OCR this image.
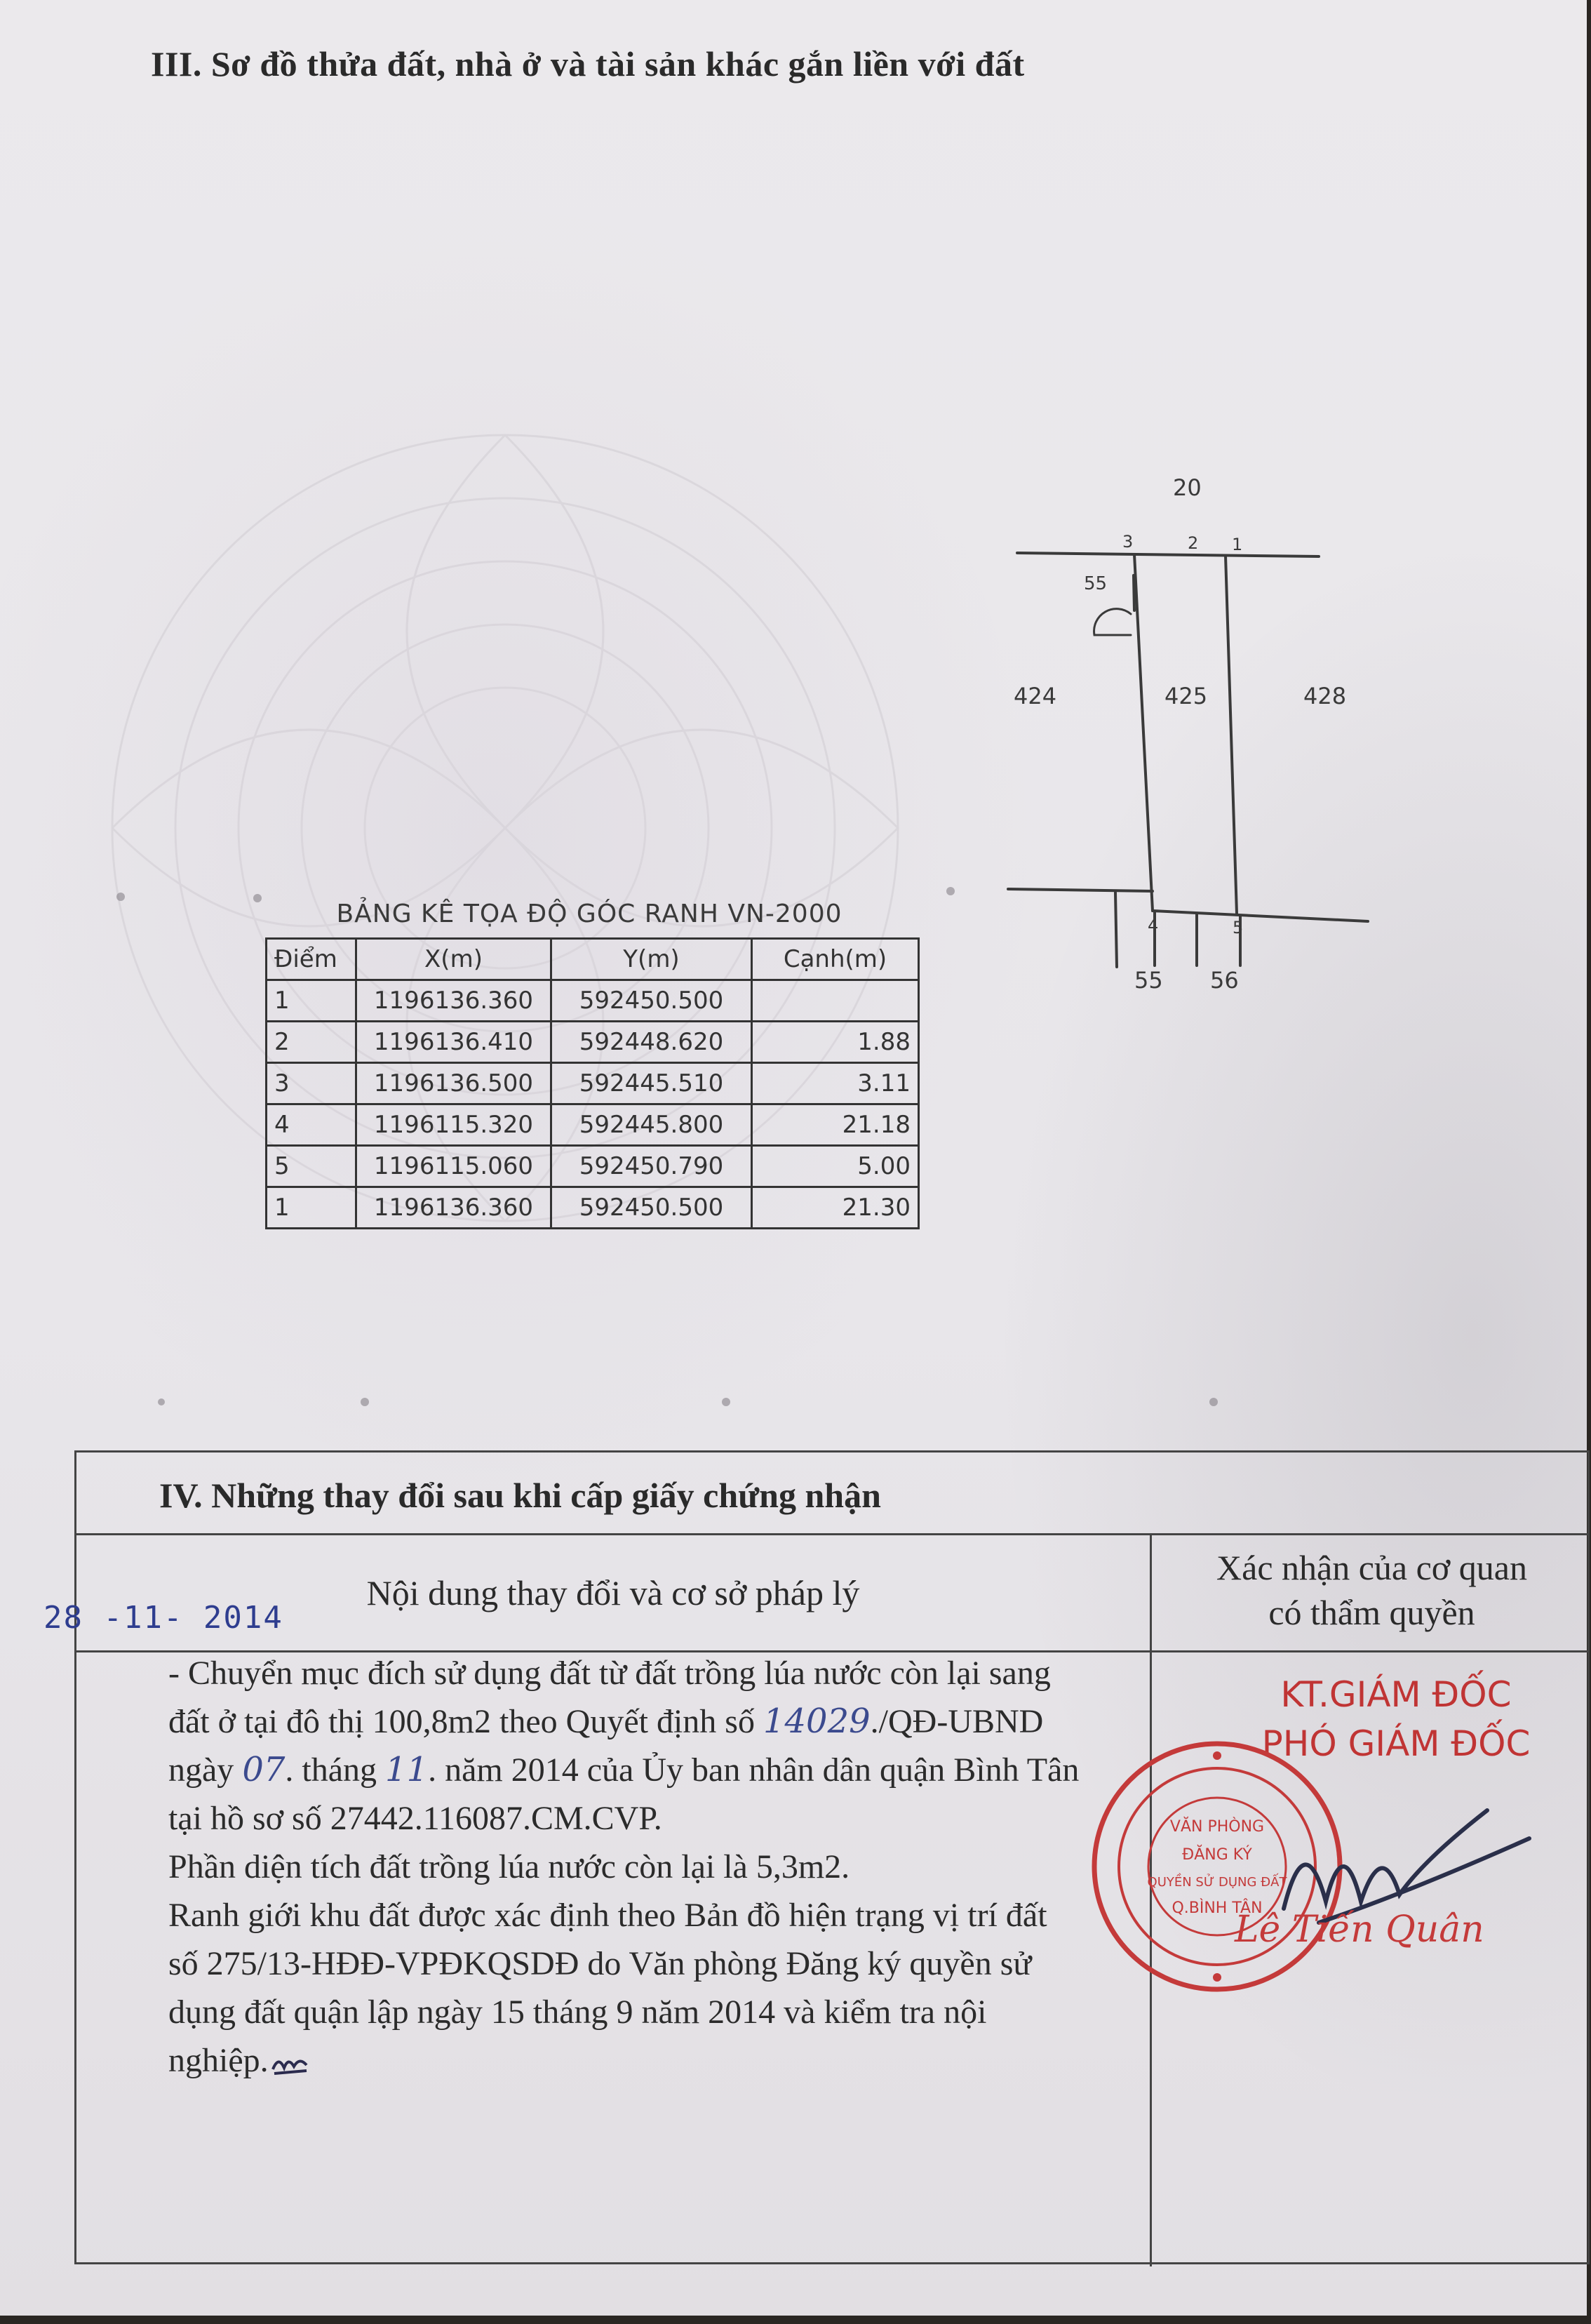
III. Sơ đồ thửa đất, nhà ở và tài sản khác gắn liền với đất
20
424	425	428
55
55 56
3	2 1
4	5
BẢNG KÊ TỌA ĐỘ GÓC RANH VN-2000
Điểm	X(m)	Y(m)	Cạnh(m)
1	1196136.360	592450.500	
2	1196136.410	592448.620	1.88
3	1196136.500	592445.510	3.11
4	1196115.320	592445.800	21.18
5	1196115.060	592450.790	5.00
1	1196136.360	592450.500	21.30
IV. Những thay đổi sau khi cấp giấy chứng nhận
Nội dung thay đổi và cơ sở pháp lý
Xác nhận của cơ quan
có thẩm quyền
28 -11- 2014

- Chuyển mục đích sử dụng đất từ đất trồng lúa nước còn lại sang

đất ở tại đô thị 100,8m2 theo Quyết định số 14029./QĐ-UBND

ngày 07. tháng 11. năm 2014 của Ủy ban nhân dân quận Bình Tân

tại hồ sơ số 27442.116087.CM.CVP.

Phần diện tích đất trồng lúa nước còn lại là 5,3m2.

Ranh giới khu đất được xác định theo Bản đồ hiện trạng vị trí đất

số 275/13-HĐĐ-VPĐKQSDĐ do Văn phòng Đăng ký quyền sử

dụng đất quận lập ngày 15 tháng 9 năm 2014 và kiểm tra nội

nghiệp.

KT.GIÁM ĐỐC
PHÓ GIÁM ĐỐC
VĂN PHÒNG
ĐĂNG KÝ
QUYỀN SỬ DỤNG ĐẤT
Q.BÌNH TÂN
Lê Tiến Quân
